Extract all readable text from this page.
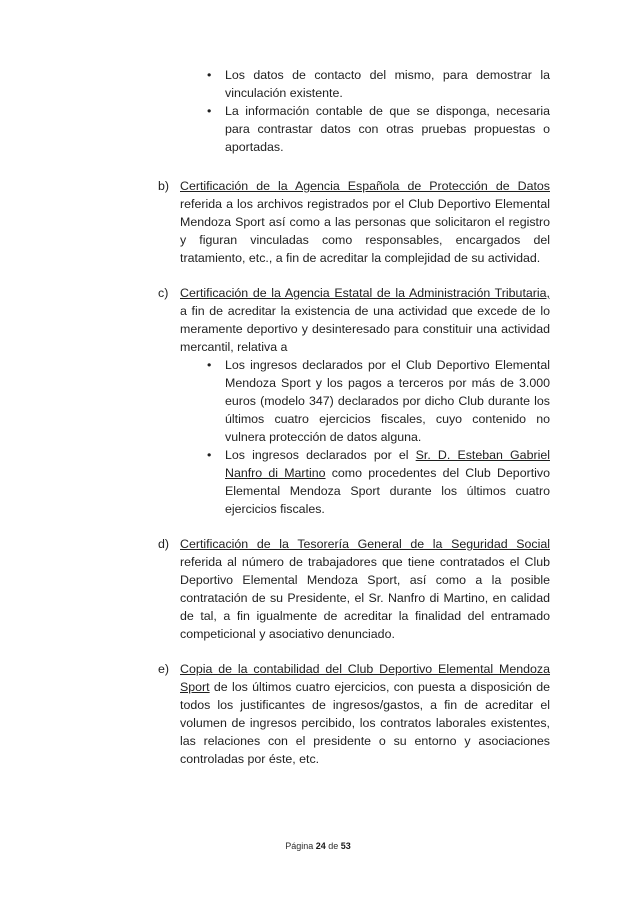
• Los datos de contacto del mismo, para demostrar la vinculación existente.
• La información contable de que se disponga, necesaria para contrastar datos con otras pruebas propuestas o aportadas.
b) Certificación de la Agencia Española de Protección de Datos referida a los archivos registrados por el Club Deportivo Elemental Mendoza Sport así como a las personas que solicitaron el registro y figuran vinculadas como responsables, encargados del tratamiento, etc., a fin de acreditar la complejidad de su actividad.
c) Certificación de la Agencia Estatal de la Administración Tributaria, a fin de acreditar la existencia de una actividad que excede de lo meramente deportivo y desinteresado para constituir una actividad mercantil, relativa a
• Los ingresos declarados por el Club Deportivo Elemental Mendoza Sport y los pagos a terceros por más de 3.000 euros (modelo 347) declarados por dicho Club durante los últimos cuatro ejercicios fiscales, cuyo contenido no vulnera protección de datos alguna.
• Los ingresos declarados por el Sr. D. Esteban Gabriel Nanfro di Martino como procedentes del Club Deportivo Elemental Mendoza Sport durante los últimos cuatro ejercicios fiscales.
d) Certificación de la Tesorería General de la Seguridad Social referida al número de trabajadores que tiene contratados el Club Deportivo Elemental Mendoza Sport, así como a la posible contratación de su Presidente, el Sr. Nanfro di Martino, en calidad de tal, a fin igualmente de acreditar la finalidad del entramado competicional y asociativo denunciado.
e) Copia de la contabilidad del Club Deportivo Elemental Mendoza Sport de los últimos cuatro ejercicios, con puesta a disposición de todos los justificantes de ingresos/gastos, a fin de acreditar el volumen de ingresos percibido, los contratos laborales existentes, las relaciones con el presidente o su entorno y asociaciones controladas por éste, etc.
Página 24 de 53
